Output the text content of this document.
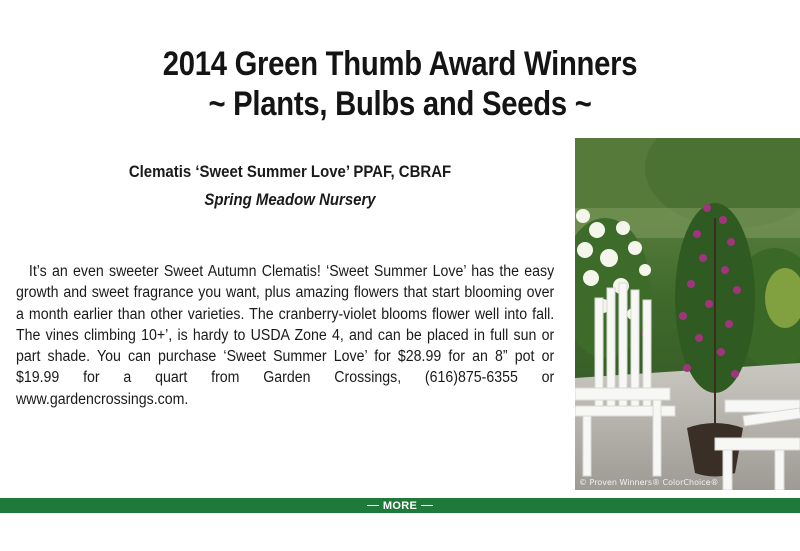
2014 Green Thumb Award Winners
~ Plants, Bulbs and Seeds ~
Clematis ‘Sweet Summer Love’ PPAF, CBRAF
Spring Meadow Nursery
It’s an even sweeter Sweet Autumn Clematis! ‘Sweet Summer Love’ has the easy growth and sweet fragrance you want, plus amazing flowers that start blooming over a month earlier than other varieties. The cranberry-violet blooms flower well into fall. The vines climbing 10+’, is hardy to USDA Zone 4, and can be placed in full sun or part shade. You can purchase ‘Sweet Summer Love’ for $28.99 for an 8” pot or $19.99 for a quart from Garden Crossings, (616)875-6355 or www.gardencrossings.com.
© Proven Winners® ColorChoice®
MORE
